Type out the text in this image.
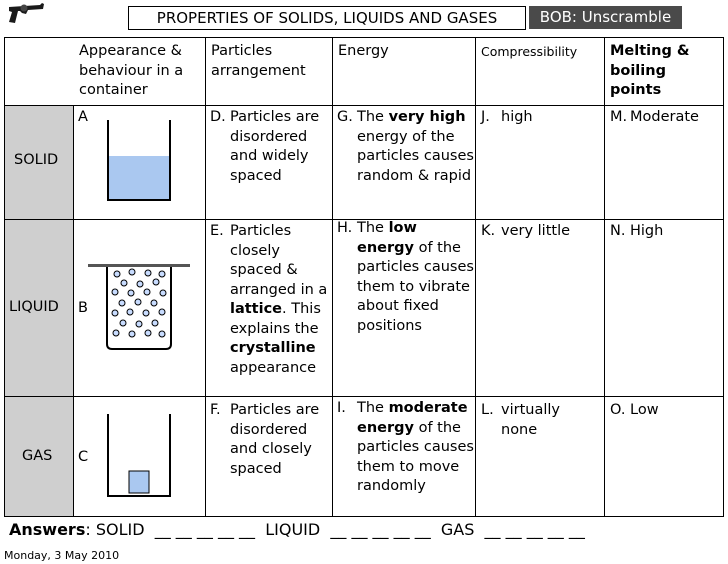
PROPERTIES OF SOLIDS, LIQUIDS AND GASES	BOB: Unscramble
Appearance & behaviour in a container
Particles arrangement
Energy	Compressibility Melting & boiling points
SOLID
LIQUID
GAS
A
B
C
D. Particles are disordered and widely spaced
E. Particles closely spaced & arranged in a lattice. This explains the crystalline appearance
F. Particles are disordered and closely spaced
G. The very high energy of the particles causes random & rapid
H. The low energy of the particles causes them to vibrate about fixed positions
I. The moderate energy of the particles causes them to move randomly
J. high
K. very little
L. virtually none
M. Moderate
N. High
O. Low
Answers: SOLID  __ __ __ __ __  LIQUID  __ __ __ __ __  GAS  __ __ __ __ __
Monday, 3 May 2010
